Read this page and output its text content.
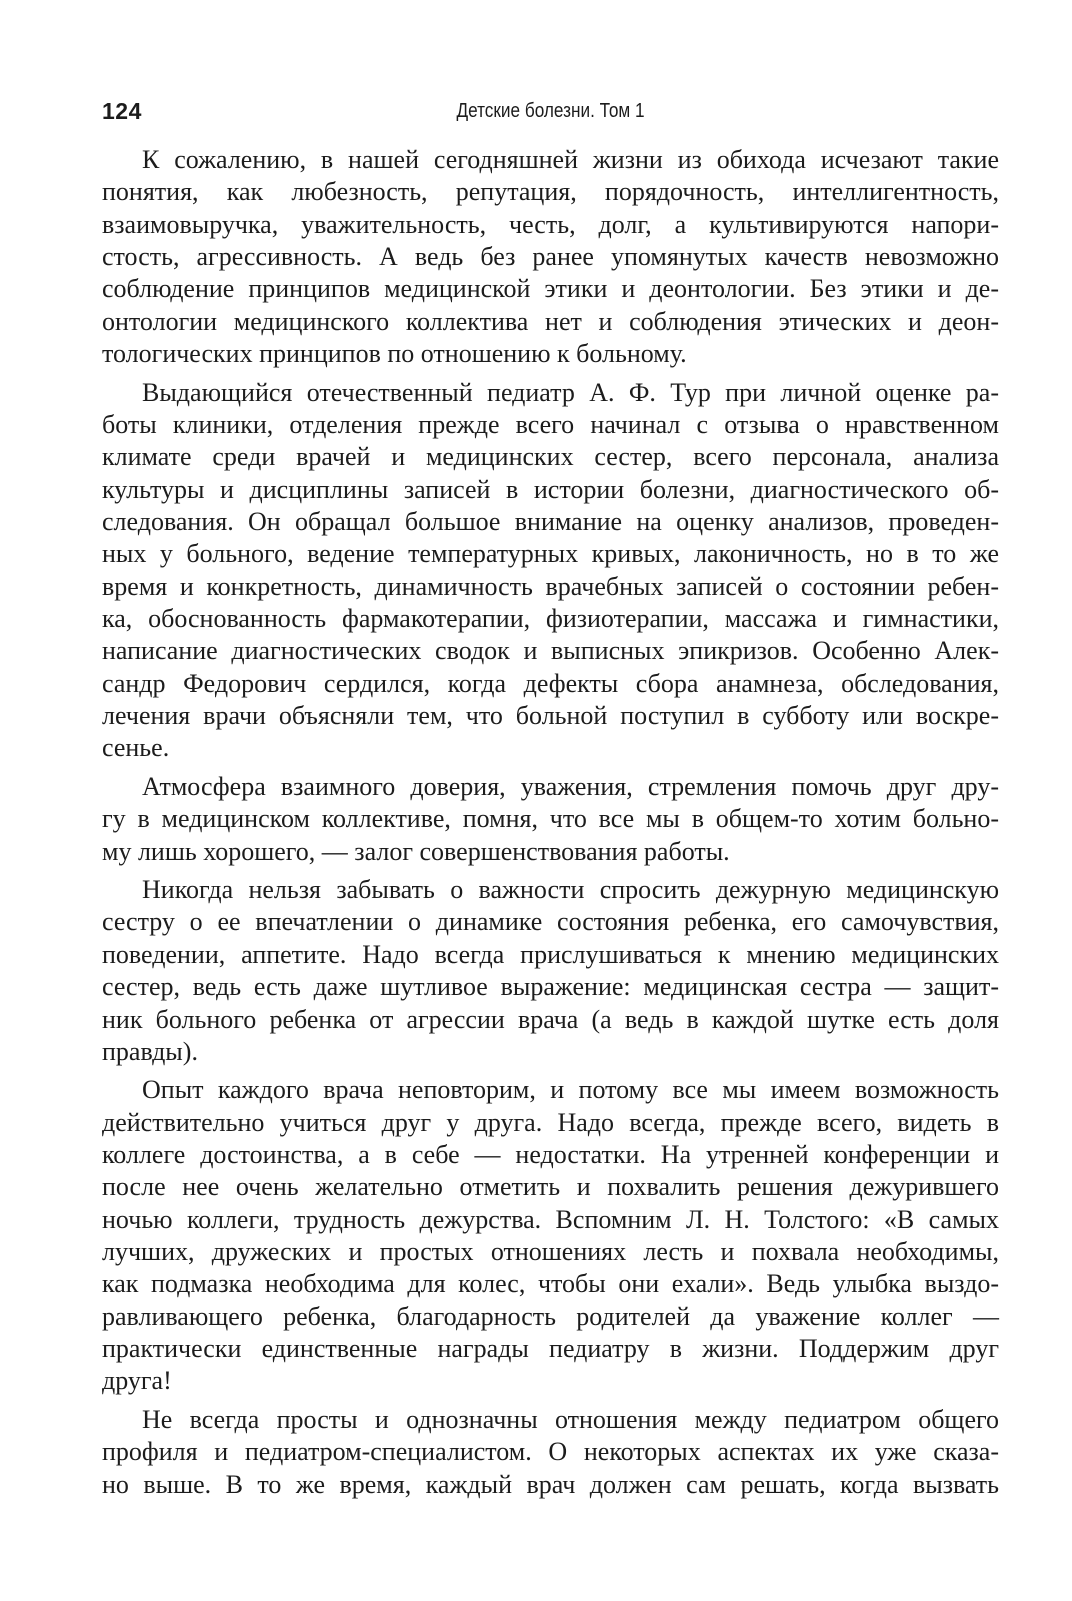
124	Детские болезни. Том 1
К сожалению, в нашей сегодняшней жизни из обихода исчезают такие
понятия, как любезность, репутация, порядочность, интеллигентность,
взаимовыручка, уважительность, честь, долг, а культивируются напори-
стость, агрессивность. А ведь без ранее упомянутых качеств невозможно
соблюдение принципов медицинской этики и деонтологии. Без этики и де-
онтологии медицинского коллектива нет и соблюдения этических и деон-
тологических принципов по отношению к больному.
Выдающийся отечественный педиатр А. Ф. Тур при личной оценке ра-
боты клиники, отделения прежде всего начинал с отзыва о нравственном
климате среди врачей и медицинских сестер, всего персонала, анализа
культуры и дисциплины записей в истории болезни, диагностического об-
следования. Он обращал большое внимание на оценку анализов, проведен-
ных у больного, ведение температурных кривых, лаконичность, но в то же
время и конкретность, динамичность врачебных записей о состоянии ребен-
ка, обоснованность фармакотерапии, физиотерапии, массажа и гимнастики,
написание диагностических сводок и выписных эпикризов. Особенно Алек-
сандр Федорович сердился, когда дефекты сбора анамнеза, обследования,
лечения врачи объясняли тем, что больной поступил в субботу или воскре-
сенье.
Атмосфера взаимного доверия, уважения, стремления помочь друг дру-
гу в медицинском коллективе, помня, что все мы в общем-то хотим больно-
му лишь хорошего, — залог совершенствования работы.
Никогда нельзя забывать о важности спросить дежурную медицинскую
сестру о ее впечатлении о динамике состояния ребенка, его самочувствия,
поведении, аппетите. Надо всегда прислушиваться к мнению медицинских
сестер, ведь есть даже шутливое выражение: медицинская сестра — защит-
ник больного ребенка от агрессии врача (а ведь в каждой шутке есть доля
правды).
Опыт каждого врача неповторим, и потому все мы имеем возможность
действительно учиться друг у друга. Надо всегда, прежде всего, видеть в
коллеге достоинства, а в себе — недостатки. На утренней конференции и
после нее очень желательно отметить и похвалить решения дежурившего
ночью коллеги, трудность дежурства. Вспомним Л. Н. Толстого: «В самых
лучших, дружеских и простых отношениях лесть и похвала необходимы,
как подмазка необходима для колес, чтобы они ехали». Ведь улыбка выздо-
равливающего ребенка, благодарность родителей да уважение коллег —
практически единственные награды педиатру в жизни. Поддержим друг
друга!
Не всегда просты и однозначны отношения между педиатром общего
профиля и педиатром-специалистом. О некоторых аспектах их уже сказа-
но выше. В то же время, каждый врач должен сам решать, когда вызвать
